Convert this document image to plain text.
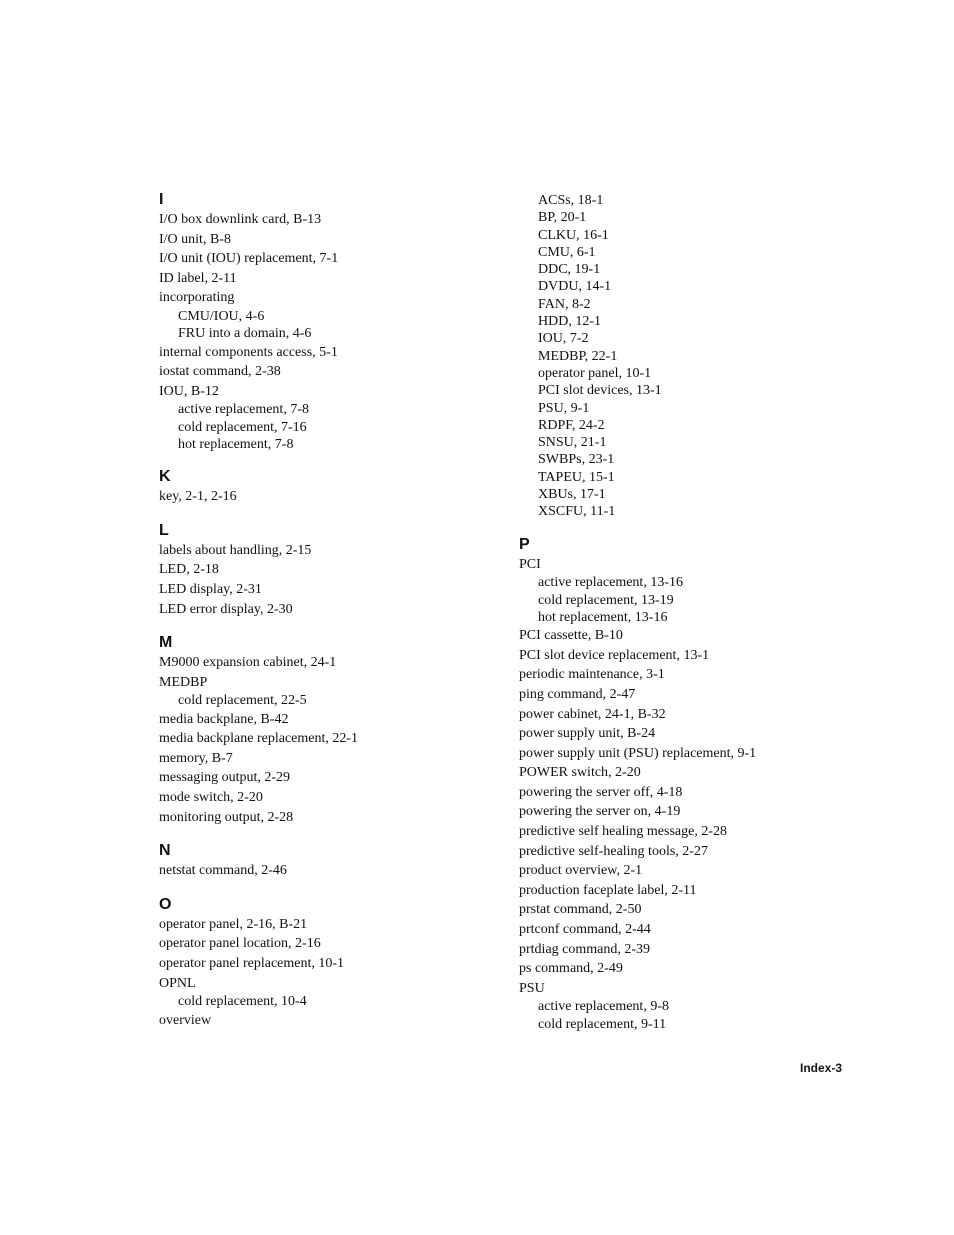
I
I/O box downlink card, B-13
I/O unit, B-8
I/O unit (IOU) replacement, 7-1
ID label, 2-11
incorporating
CMU/IOU, 4-6
FRU into a domain, 4-6
internal components access, 5-1
iostat command, 2-38
IOU, B-12
active replacement, 7-8
cold replacement, 7-16
hot replacement, 7-8
K
key, 2-1, 2-16
L
labels about handling, 2-15
LED, 2-18
LED display, 2-31
LED error display, 2-30
M
M9000 expansion cabinet, 24-1
MEDBP
cold replacement, 22-5
media backplane, B-42
media backplane replacement, 22-1
memory, B-7
messaging output, 2-29
mode switch, 2-20
monitoring output, 2-28
N
netstat command, 2-46
O
operator panel, 2-16, B-21
operator panel location, 2-16
operator panel replacement, 10-1
OPNL
cold replacement, 10-4
overview
ACSs, 18-1
BP, 20-1
CLKU, 16-1
CMU, 6-1
DDC, 19-1
DVDU, 14-1
FAN, 8-2
HDD, 12-1
IOU, 7-2
MEDBP, 22-1
operator panel, 10-1
PCI slot devices, 13-1
PSU, 9-1
RDPF, 24-2
SNSU, 21-1
SWBPs, 23-1
TAPEU, 15-1
XBUs, 17-1
XSCFU, 11-1
P
PCI
active replacement, 13-16
cold replacement, 13-19
hot replacement, 13-16
PCI cassette, B-10
PCI slot device replacement, 13-1
periodic maintenance, 3-1
ping command, 2-47
power cabinet, 24-1, B-32
power supply unit, B-24
power supply unit (PSU) replacement, 9-1
POWER switch, 2-20
powering the server off, 4-18
powering the server on, 4-19
predictive self healing message, 2-28
predictive self-healing tools, 2-27
product overview, 2-1
production faceplate label, 2-11
prstat command, 2-50
prtconf command, 2-44
prtdiag command, 2-39
ps command, 2-49
PSU
active replacement, 9-8
cold replacement, 9-11
Index-3
